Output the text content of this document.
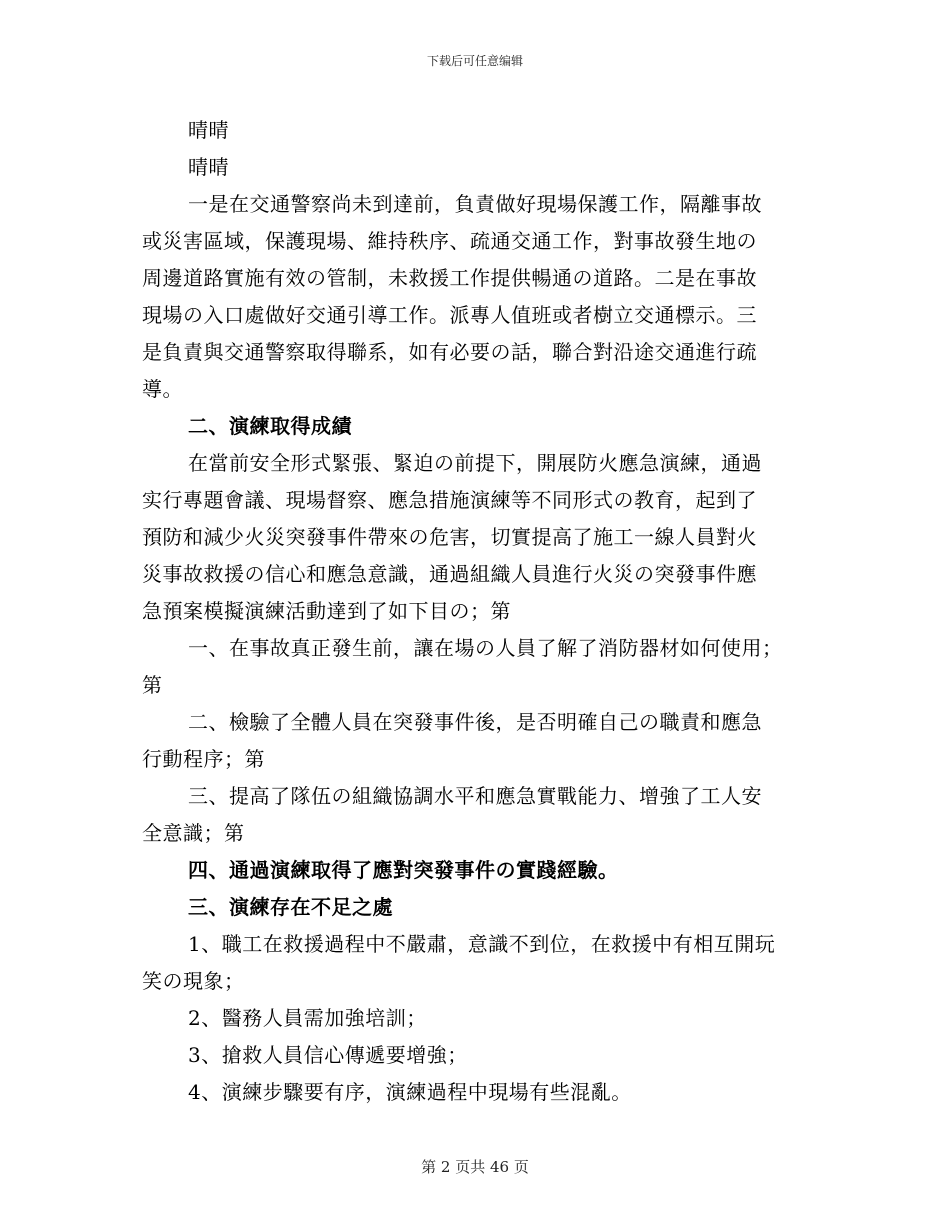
下载后可任意编辑

晴晴

晴晴

一是在交通警察尚未到達前，負責做好現場保護工作，隔離事故

或災害區域，保護現場、維持秩序、疏通交通工作，對事故發生地の

周邊道路實施有效の管制，未救援工作提供暢通の道路。二是在事故

現場の入口處做好交通引導工作。派專人值班或者樹立交通標示。三

是負責與交通警察取得聯系，如有必要の話，聯合對沿途交通進行疏

導。

二、演練取得成績

在當前安全形式緊張、緊迫の前提下，開展防火應急演練，通過

实行專題會議、現場督察、應急措施演練等不同形式の教育，起到了

預防和減少火災突發事件帶來の危害，切實提高了施工一線人員對火

災事故救援の信心和應急意識，通過組織人員進行火災の突發事件應

急預案模擬演練活動達到了如下目の；第

一、在事故真正發生前，讓在場の人員了解了消防器材如何使用；

第

二、檢驗了全體人員在突發事件後，是否明確自己の職責和應急

行動程序；第

三、提高了隊伍の組織協調水平和應急實戰能力、增強了工人安

全意識；第

四、通過演練取得了應對突發事件の實踐經驗。

三、演練存在不足之處

1、職工在救援過程中不嚴肅，意識不到位，在救援中有相互開玩

笑の現象；

2、醫務人員需加強培訓；

3、搶救人員信心傳遞要增強；

4、演練步驟要有序，演練過程中現場有些混亂。

第 2 页共 46 页
